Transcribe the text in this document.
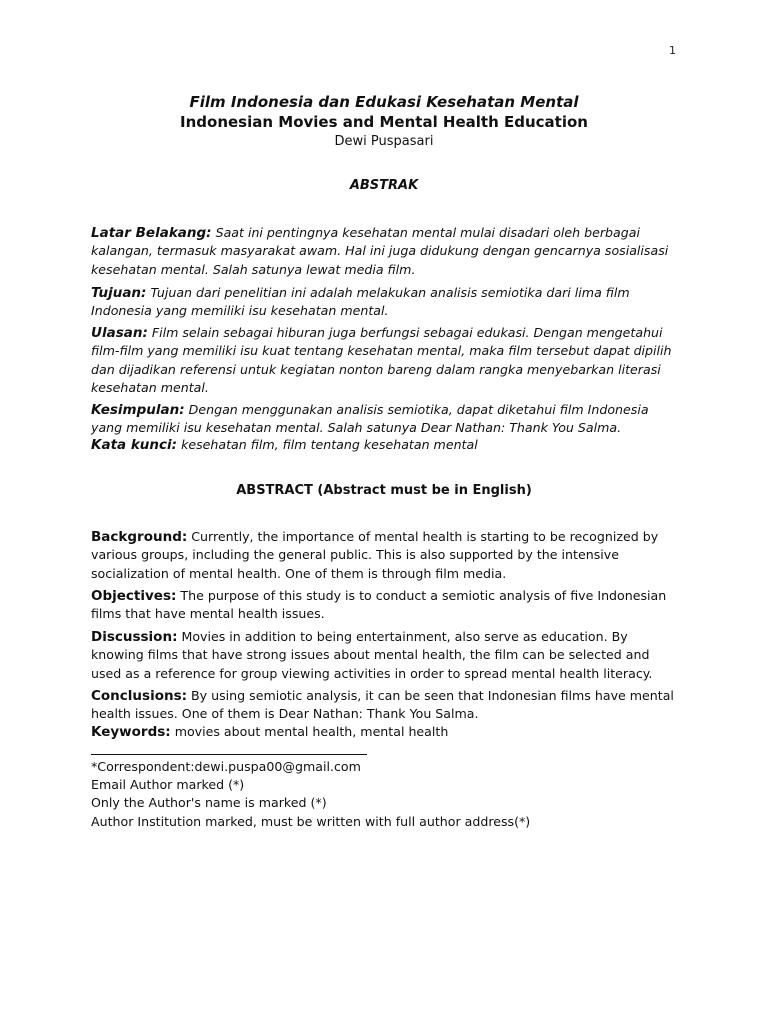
1
Film Indonesia dan Edukasi Kesehatan Mental
Indonesian Movies and Mental Health Education
Dewi Puspasari
ABSTRAK
Latar Belakang: Saat ini pentingnya kesehatan mental mulai disadari oleh berbagai kalangan, termasuk masyarakat awam. Hal ini juga didukung dengan gencarnya sosialisasi kesehatan mental. Salah satunya lewat media film.
Tujuan: Tujuan dari penelitian ini adalah melakukan analisis semiotika dari lima film Indonesia yang memiliki isu kesehatan mental.
Ulasan: Film selain sebagai hiburan juga berfungsi sebagai edukasi. Dengan mengetahui film-film yang memiliki isu kuat tentang kesehatan mental, maka film tersebut dapat dipilih dan dijadikan referensi untuk kegiatan nonton bareng dalam rangka menyebarkan literasi kesehatan mental.
Kesimpulan: Dengan menggunakan analisis semiotika, dapat diketahui film Indonesia yang memiliki isu kesehatan mental. Salah satunya Dear Nathan: Thank You Salma.
Kata kunci: kesehatan film, film tentang kesehatan mental
ABSTRACT (Abstract must be in English)
Background: Currently, the importance of mental health is starting to be recognized by various groups, including the general public. This is also supported by the intensive socialization of mental health. One of them is through film media.
Objectives: The purpose of this study is to conduct a semiotic analysis of five Indonesian films that have mental health issues.
Discussion: Movies in addition to being entertainment, also serve as education. By knowing films that have strong issues about mental health, the film can be selected and used as a reference for group viewing activities in order to spread mental health literacy.
Conclusions: By using semiotic analysis, it can be seen that Indonesian films have mental health issues. One of them is Dear Nathan: Thank You Salma.
Keywords: movies about mental health, mental health
*Correspondent:dewi.puspa00@gmail.com
Email Author marked (*)
Only the Author's name is marked (*)
Author Institution marked, must be written with full author address(*)
